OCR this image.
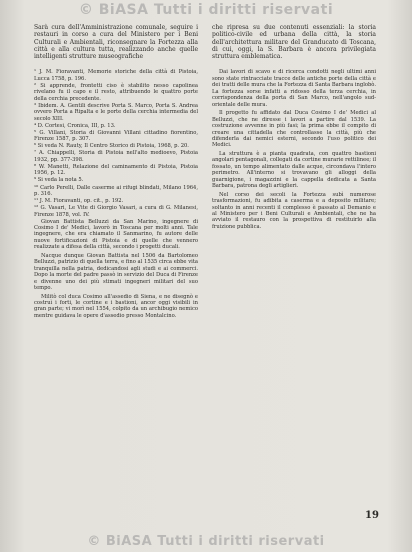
© BiASA Tutti i diritti riservati

Sarà cura dell'Amministrazione comunale, seguire i restauri in corso a cura del Ministero per i Beni Culturali e Ambientali, riconsegnare la Fortezza alla città e alla cultura tutta, realizzando anche quelle intelligenti strutture museografiche

¹ J. M. Fioravanti, Memorie storiche della città di Pistoia, Lucca 1758, p. 196.

² Si apprende, frontetti ciso è stabilito nesso capolinea rivelano fu il capo e il resto, attribuendo le quattro porte della cerchia precedente.

³ Ibidem. A. Gentili descrive Porta S. Marco, Porta S. Andrea ovvero Porta a Ripalta e le porte della cerchia intermedia del secolo XIII.

⁴ D. Cortesi, Cronica, III, p. 13.

⁵ G. Villani, Storia di Giovanni Villani cittadino fiorentino, Firenze 1587, p. 307.

⁶ Si veda N. Rauty, Il Centro Storico di Pistoia, 1968, p. 20.

⁷ A. Chiappelli, Storia di Pistoia nell'alto medioevo, Pistoia 1932, pp. 377-398.

⁸ W. Manetti, Relazione del caminamento di Pistoia, Pistoia 1956, p. 12.

⁹ Si veda la nota 5.

¹⁰ Carlo Perelli, Dalle caserme ai rifugi blindati, Milano 1964, p. 316.

¹¹ J. M. Fioravanti, op. cit., p. 192.

¹² G. Vasari, Le Vite di Giorgio Vasari, a cura di G. Milanesi, Firenze 1878, vol. IV.

Giovan Battista Belluzzi da San Marino, ingegnere di Cosimo I de' Medici, lavorò in Toscana per molti anni. Tale ingegnere, che era chiamato il Sanmarino, fu autore delle nuove fortificazioni di Pistoia e di quelle che vennero realizzate a difesa della città, secondo i progetti ducali.

Nacque dunque Giovan Battista nel 1506 da Bartolomeo Belluzzi, patrizio di quella terra, e fino al 1535 circa ebbe vita tranquilla nella patria, dedicandosi agli studi e ai commerci. Dopo la morte del padre passò in servizio del Duca di Firenze e divenne uno dei più stimati ingegneri militari del suo tempo.

Militò col duca Cosimo all'assedio di Siena, e ne disegnò e costruì i forti, le cortine e i bastioni, ancor oggi visibili in gran parte; vi morì nel 1554, colpito da un archibugio nemico mentre guidava le opere d'assedio presso Montalcino.

che ripresa su due contenuti essenziali: la storia politico-civile ed urbana della città, la storia dell'architettura militare del Granducato di Toscana, di cui, oggi, la S. Barbara è ancora privilegiata struttura emblematica.

Dai lavori di scavo e di ricerca condotti negli ultimi anni sono state rintracciate tracce delle antiche porte della città e dei tratti delle mura che la Fortezza di Santa Barbara inglobò. La fortezza sorse infatti a ridosso della terza cerchia, in corrispondenza della porta di San Marco, nell'angolo sud-orientale delle mura.

Il progetto fu affidato dal Duca Cosimo I de' Medici al Belluzzi, che ne diresse i lavori a partire dal 1539. La costruzione avvenne in più fasi; la prima ebbe il compito di creare una cittadella che controllasse la città, più che difenderla dai nemici esterni, secondo l'uso politico dei Medici.

La struttura è a pianta quadrata, con quattro bastioni angolari pentagonali, collegati da cortine murarie rettilinee; il fossato, un tempo alimentato dalle acque, circondava l'intero perimetro. All'interno si trovavano gli alloggi della guarnigione, i magazzini e la cappella dedicata a Santa Barbara, patrona degli artiglieri.

Nel corso dei secoli la Fortezza subì numerose trasformazioni, fu adibita a caserma e a deposito militare; soltanto in anni recenti il complesso è passato al Demanio e al Ministero per i Beni Culturali e Ambientali, che ne ha avviato il restauro con la prospettiva di restituirlo alla fruizione pubblica.

19
© BiASA Tutti i diritti riservati
